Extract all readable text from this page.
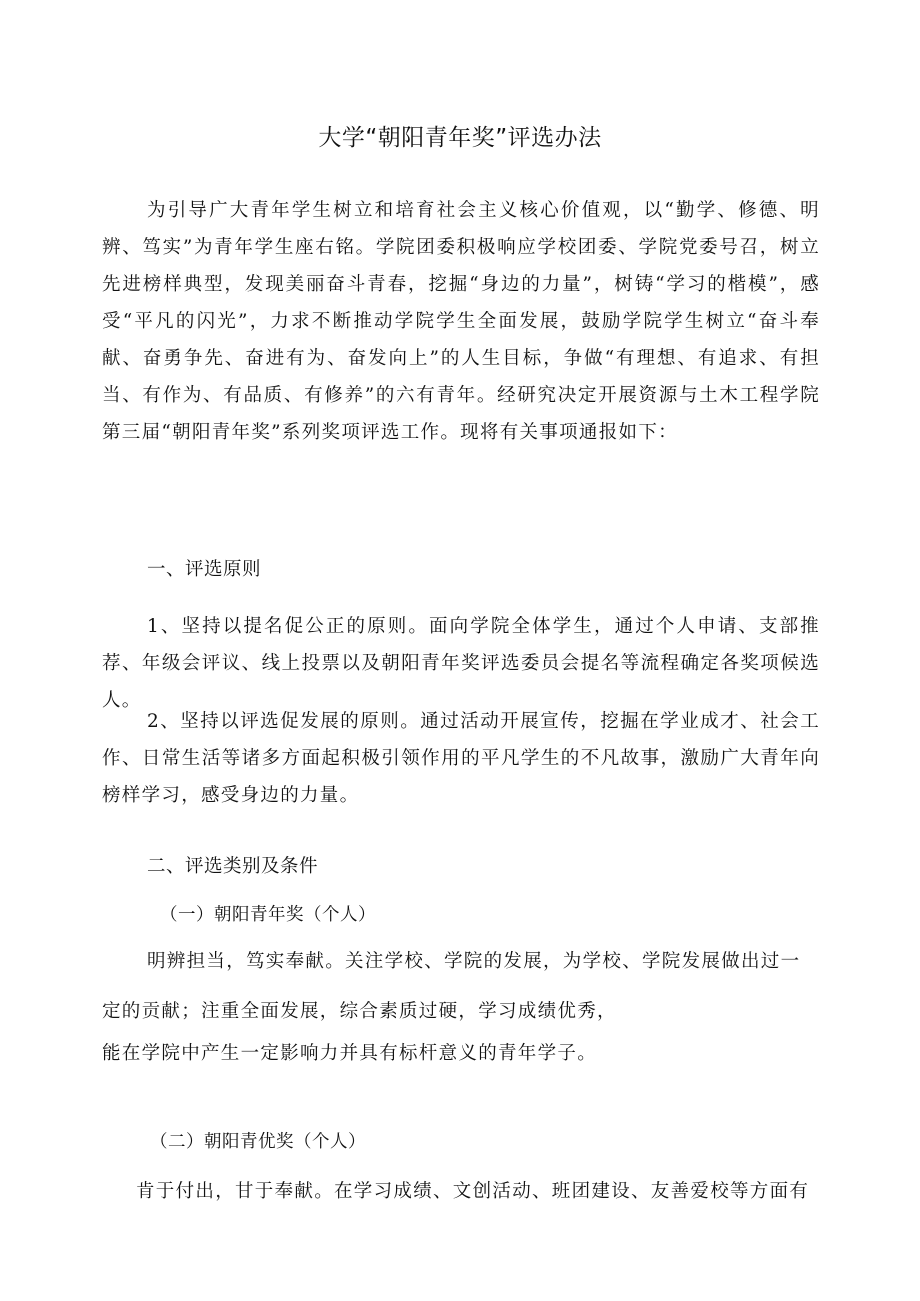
大学“朝阳青年奖”评选办法
为引导广大青年学生树立和培育社会主义核心价值观，以“勤学、修德、明辨、笃实”为青年学生座右铭。学院团委积极响应学校团委、学院党委号召，树立先进榜样典型，发现美丽奋斗青春，挖掘“身边的力量”，树铸“学习的楷模”，感受“平凡的闪光”，力求不断推动学院学生全面发展，鼓励学院学生树立“奋斗奉献、奋勇争先、奋进有为、奋发向上”的人生目标，争做“有理想、有追求、有担当、有作为、有品质、有修养”的六有青年。经研究决定开展资源与土木工程学院第三届“朝阳青年奖”系列奖项评选工作。现将有关事项通报如下：
一、评选原则
1、坚持以提名促公正的原则。面向学院全体学生，通过个人申请、支部推荐、年级会评议、线上投票以及朝阳青年奖评选委员会提名等流程确定各奖项候选人。
2、坚持以评选促发展的原则。通过活动开展宣传，挖掘在学业成才、社会工作、日常生活等诸多方面起积极引领作用的平凡学生的不凡故事，激励广大青年向榜样学习，感受身边的力量。
二、评选类别及条件
（一）朝阳青年奖（个人）
明辨担当，笃实奉献。关注学校、学院的发展，为学校、学院发展做出过一
定的贡献；注重全面发展，综合素质过硬，学习成绩优秀，
能在学院中产生一定影响力并具有标杆意义的青年学子。
（二）朝阳青优奖（个人）
肯于付出，甘于奉献。在学习成绩、文创活动、班团建设、友善爱校等方面有
